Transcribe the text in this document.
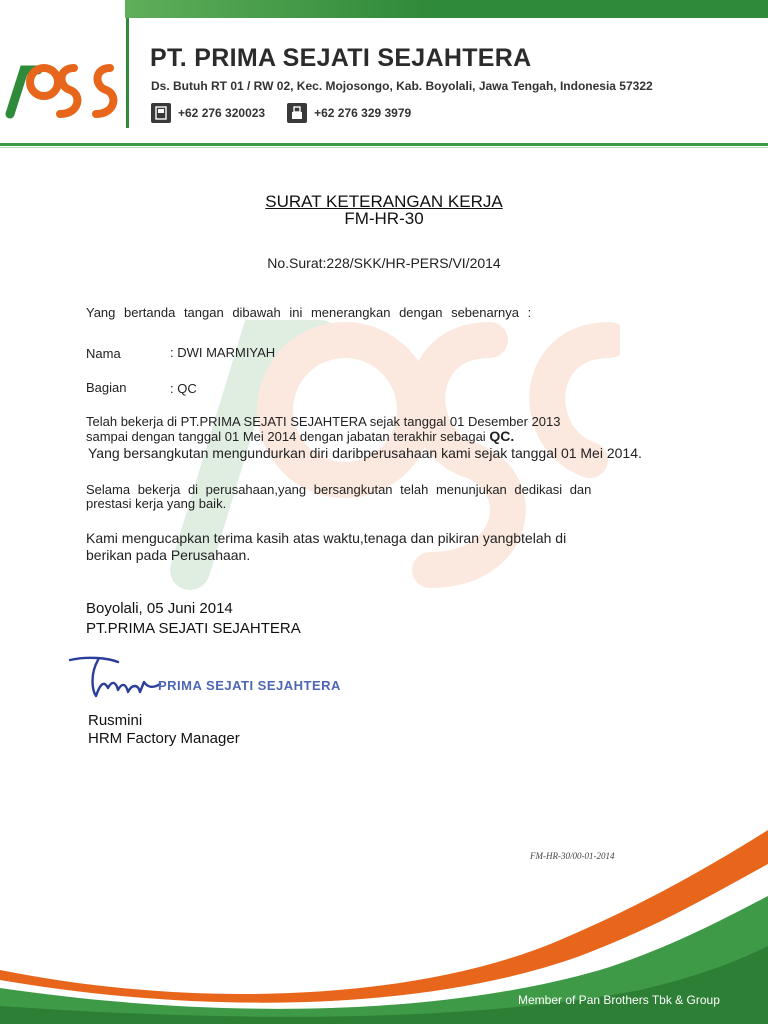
PT. PRIMA SEJATI SEJAHTERA
Ds. Butuh RT 01 / RW 02, Kec. Mojosongo, Kab. Boyolali, Jawa Tengah, Indonesia 57322
+62 276 320023	+62 276 329 3979
SURAT KETERANGAN KERJA
FM-HR-30
No.Surat:228/SKK/HR-PERS/VI/2014
Yang bertanda tangan dibawah ini menerangkan dengan sebenarnya :
Nama	: DWI MARMIYAH
Bagian	: QC
Telah bekerja di PT.PRIMA SEJATI SEJAHTERA sejak tanggal 01 Desember 2013
sampai dengan tanggal 01 Mei 2014 dengan jabatan terakhir sebagai QC.
Yang bersangkutan mengundurkan diri daribperusahaan kami sejak tanggal 01 Mei 2014.
Selama bekerja di perusahaan,yang bersangkutan telah menunjukan dedikasi dan
prestasi kerja yang baik.
Kami mengucapkan terima kasih atas waktu,tenaga dan pikiran yangbtelah di
berikan pada Perusahaan.
Boyolali, 05 Juni 2014
PT.PRIMA SEJATI SEJAHTERA
PRIMA SEJATI SEJAHTERA
Rusmini
HRM Factory Manager
FM-HR-30/00-01-2014
Member of Pan Brothers Tbk & Group
